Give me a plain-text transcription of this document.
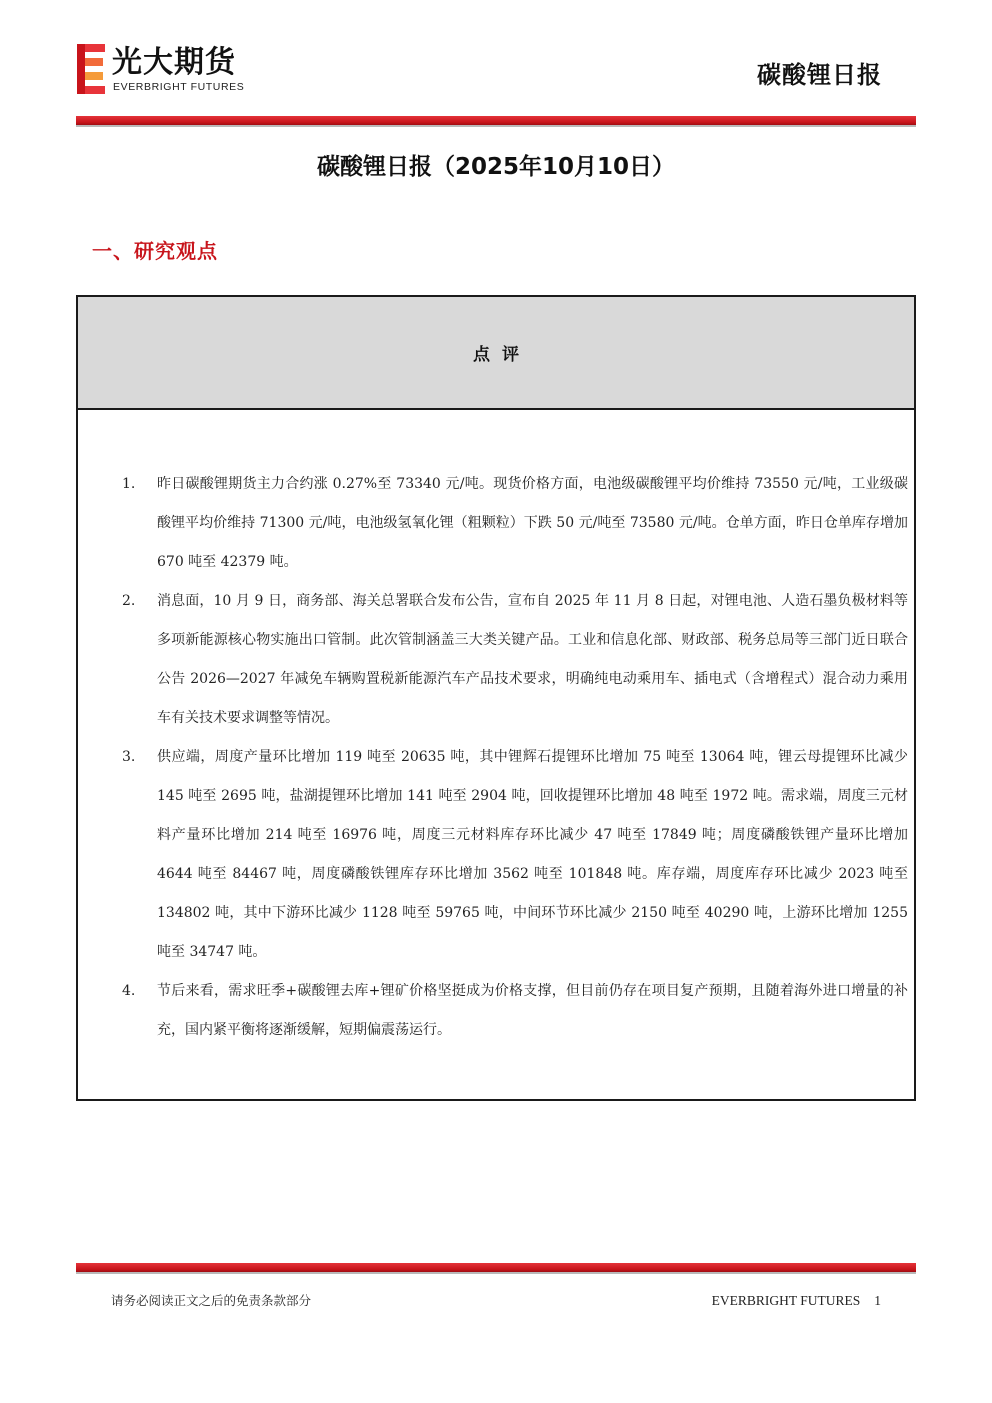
光大期货
EVERBRIGHT FUTURES	碳酸锂日报
碳酸锂日报（2025年10月10日）
一、研究观点
点评
1. 昨日碳酸锂期货主力合约涨 0.27%至 73340 元/吨。现货价格方面，电池级碳酸锂平均价维持 73550 元/吨，工业级碳酸锂平均价维持 71300 元/吨，电池级氢氧化锂（粗颗粒）下跌 50 元/吨至 73580 元/吨。仓单方面，昨日仓单库存增加 670 吨至 42379 吨。
2. 消息面，10 月 9 日，商务部、海关总署联合发布公告，宣布自 2025 年 11 月 8 日起，对锂电池、人造石墨负极材料等多项新能源核心物实施出口管制。此次管制涵盖三大类关键产品。工业和信息化部、财政部、税务总局等三部门近日联合公告 2026—2027 年减免车辆购置税新能源汽车产品技术要求，明确纯电动乘用车、插电式（含增程式）混合动力乘用车有关技术要求调整等情况。
3. 供应端，周度产量环比增加 119 吨至 20635 吨，其中锂辉石提锂环比增加 75 吨至 13064 吨，锂云母提锂环比减少 145 吨至 2695 吨，盐湖提锂环比增加 141 吨至 2904 吨，回收提锂环比增加 48 吨至 1972 吨。需求端，周度三元材料产量环比增加 214 吨至 16976 吨，周度三元材料库存环比减少 47 吨至 17849 吨；周度磷酸铁锂产量环比增加 4644 吨至 84467 吨，周度磷酸铁锂库存环比增加 3562 吨至 101848 吨。库存端，周度库存环比减少 2023 吨至 134802 吨，其中下游环比减少 1128 吨至 59765 吨，中间环节环比减少 2150 吨至 40290 吨，上游环比增加 1255 吨至 34747 吨。
4. 节后来看，需求旺季+碳酸锂去库+锂矿价格坚挺成为价格支撑，但目前仍存在项目复产预期，且随着海外进口增量的补充，国内紧平衡将逐渐缓解，短期偏震荡运行。
请务必阅读正文之后的免责条款部分	EVERBRIGHT FUTURES 1
